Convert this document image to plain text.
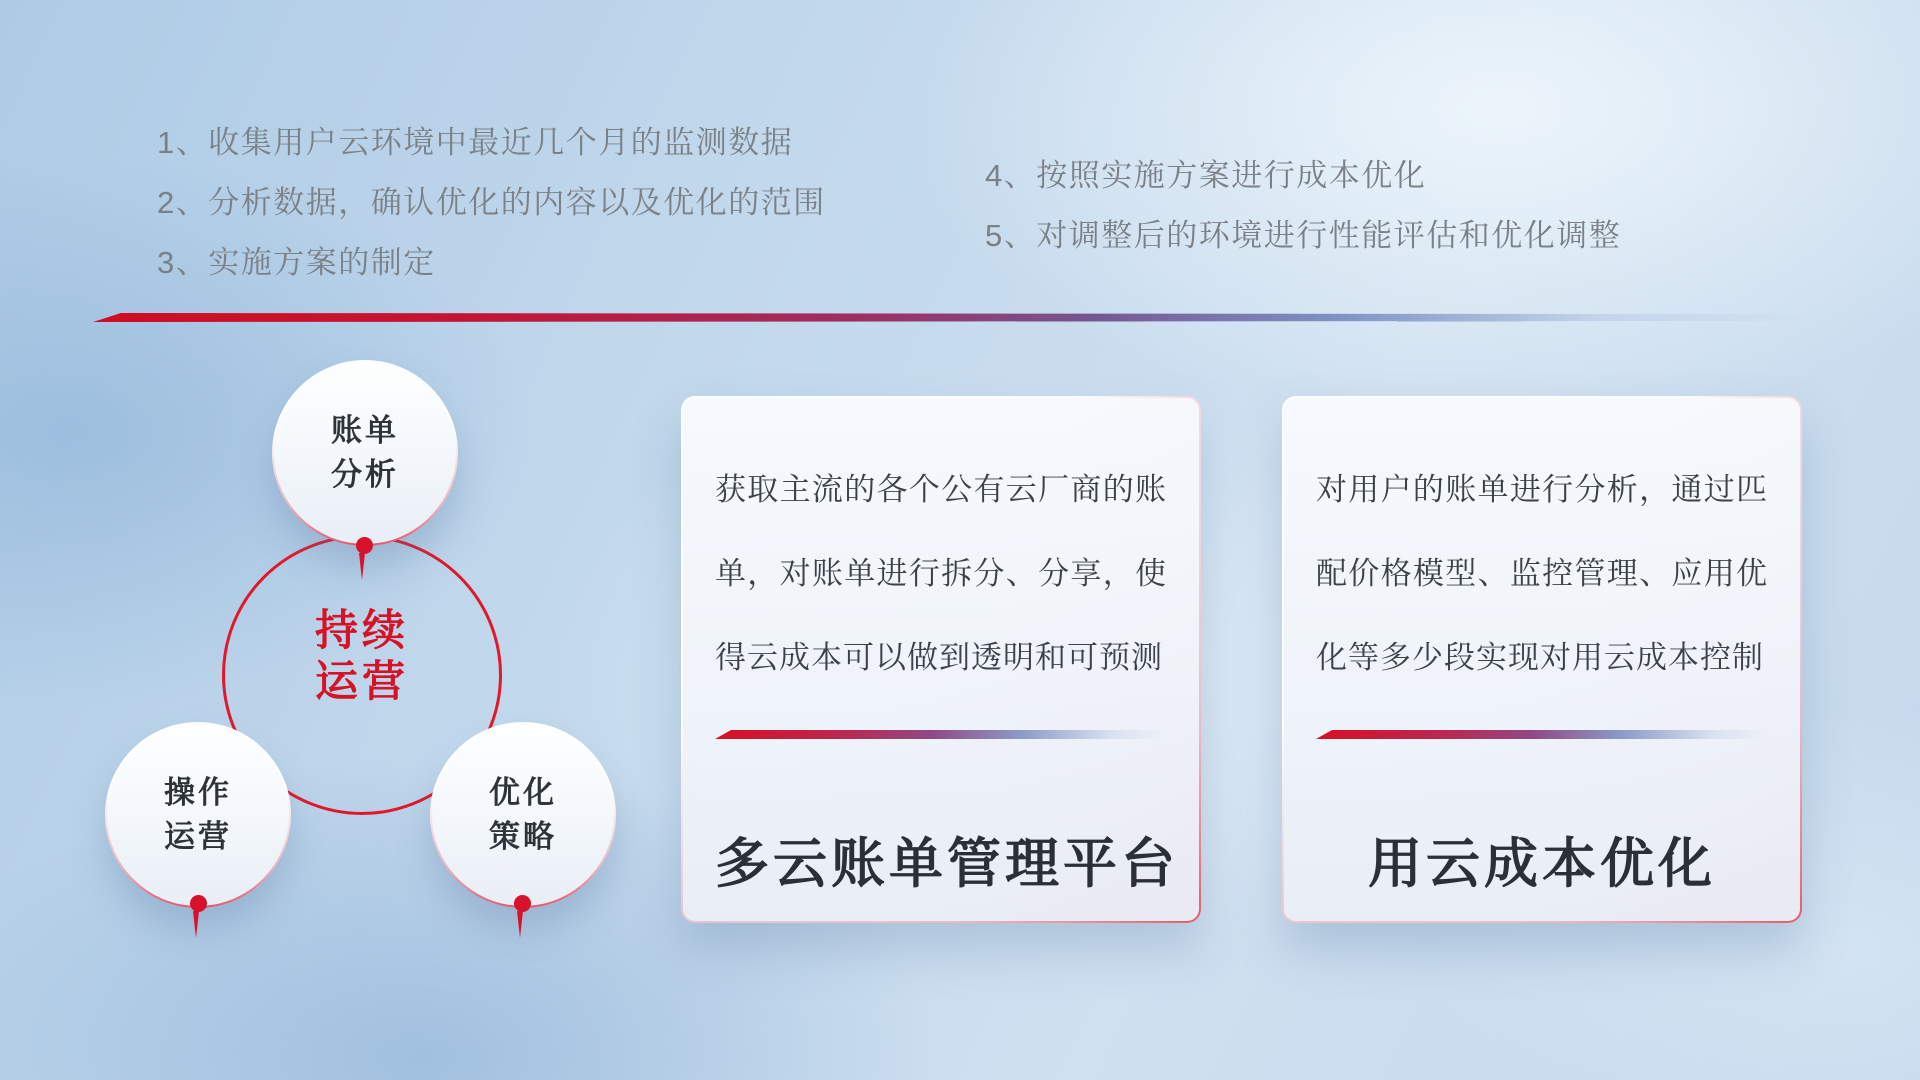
1、收集用户云环境中最近几个月的监测数据
2、分析数据，确认优化的内容以及优化的范围
3、实施方案的制定
4、按照实施方案进行成本优化
5、对调整后的环境进行性能评估和优化调整
账单
分析
操作
运营
优化
策略
持续
运营
获取主流的各个公有云厂商的账单，对账单进行拆分、分享，使得云成本可以做到透明和可预测
多云账单管理平台
对用户的账单进行分析，通过匹配价格模型、监控管理、应用优化等多少段实现对用云成本控制
用云成本优化
